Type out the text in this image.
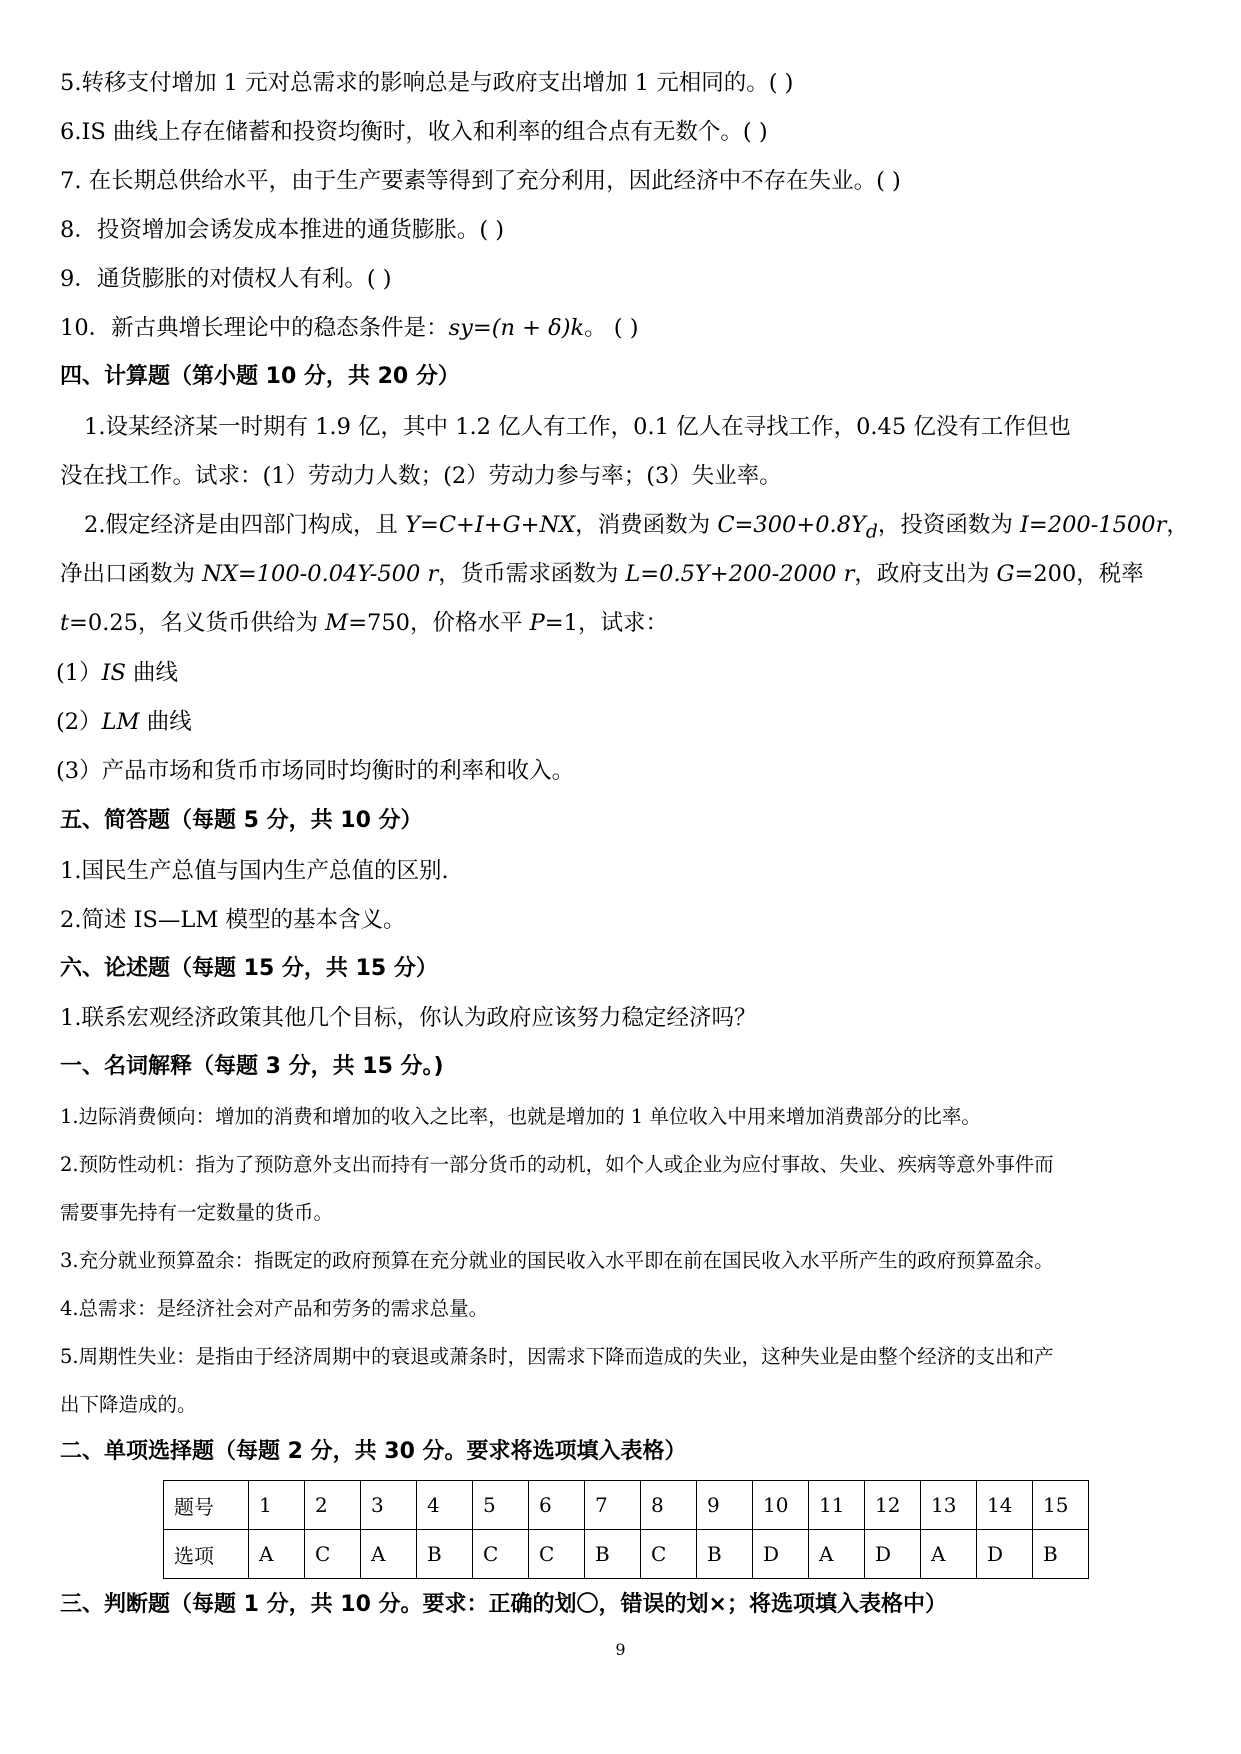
5.转移支付增加 1 元对总需求的影响总是与政府支出增加 1 元相同的。( )
6.IS 曲线上存在储蓄和投资均衡时，收入和利率的组合点有无数个。( )
7. 在长期总供给水平，由于生产要素等得到了充分利用，因此经济中不存在失业。( )
8．投资增加会诱发成本推进的通货膨胀。( )
9．通货膨胀的对债权人有利。( )
10．新古典增长理论中的稳态条件是：sy=(n + δ)k。 ( )
四、计算题（第小题 10 分，共 20 分）
1.设某经济某一时期有 1.9 亿，其中 1.2 亿人有工作，0.1 亿人在寻找工作，0.45 亿没有工作但也
没在找工作。试求：(1）劳动力人数；(2）劳动力参与率；(3）失业率。
2.假定经济是由四部门构成，且 Y=C+I+G+NX，消费函数为 $C=300+0.8Y_d$，投资函数为 I=200-1500r，
净出口函数为 NX=100-0.04Y-500 r，货币需求函数为 L=0.5Y+200-2000 r，政府支出为 G=200，税率
t=0.25，名义货币供给为 M=750，价格水平 P=1，试求：
(1）IS 曲线
(2）LM 曲线
(3）产品市场和货币市场同时均衡时的利率和收入。
五、简答题（每题 5 分，共 10 分）
1.国民生产总值与国内生产总值的区别.
2.简述 IS—LM 模型的基本含义。
六、论述题（每题 15 分，共 15 分）
1.联系宏观经济政策其他几个目标，你认为政府应该努力稳定经济吗？
一、名词解释（每题 3 分，共 15 分。)
1.边际消费倾向：增加的消费和增加的收入之比率，也就是增加的 1 单位收入中用来增加消费部分的比率。
2.预防性动机：指为了预防意外支出而持有一部分货币的动机，如个人或企业为应付事故、失业、疾病等意外事件而
需要事先持有一定数量的货币。
3.充分就业预算盈余：指既定的政府预算在充分就业的国民收入水平即在前在国民收入水平所产生的政府预算盈余。
4.总需求：是经济社会对产品和劳务的需求总量。
5.周期性失业：是指由于经济周期中的衰退或萧条时，因需求下降而造成的失业，这种失业是由整个经济的支出和产
出下降造成的。
二、单项选择题（每题 2 分，共 30 分。要求将选项填入表格）
题号	1	2	3	4	5	6	7	8	9	10	11	12	13	14	15
选项	A	C	A	B	C	C	B	C	B	D	A	D	A	D	B
三、判断题（每题 1 分，共 10 分。要求：正确的划〇，错误的划×；将选项填入表格中）
9
